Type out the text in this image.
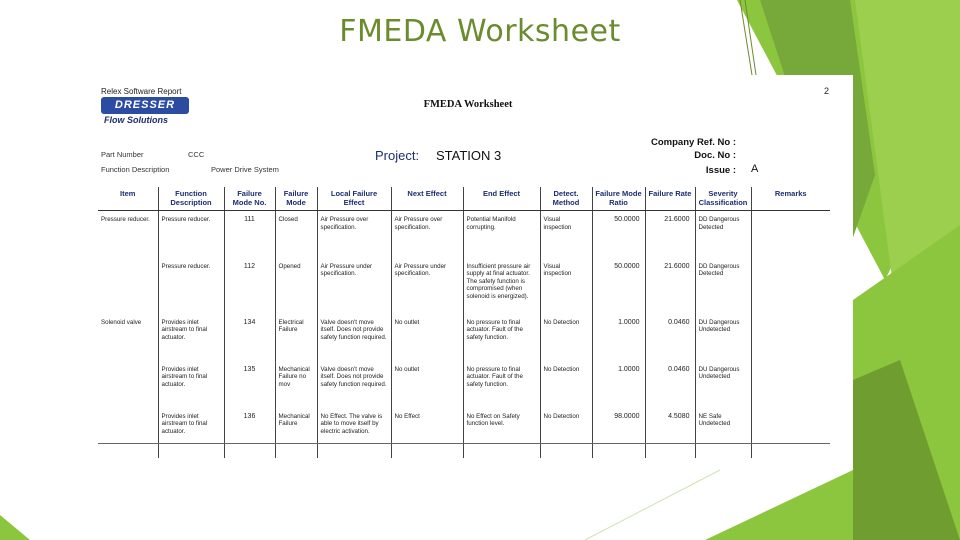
FMEDA Worksheet
Relex Software Report	2
DRESSER
Flow Solutions
FMEDA Worksheet
Part Number	CCC
Function Description	Power Drive System
Project: STATION 3
Company Ref. No :
Doc. No :
Issue : A
Item	Function Description	Failure Mode No.	Failure Mode	Local Failure Effect	Next Effect	End Effect	Detect. Method	Failure Mode Ratio	Failure Rate	Severity Classification	Remarks
Pressure reducer.	Pressure reducer.	111	Closed	Air Pressure over specification.	Air Pressure over specification.	Potential Manifold corrupting.	Visual inspection	50.0000	21.6000	DD Dangerous Detected	
	Pressure reducer.	112	Opened	Air Pressure under specification.	Air Pressure under specification.	Insufficient pressure air supply at final actuator. The safety function is compromised (when solenoid is energized).	Visual inspection	50.0000	21.6000	DD Dangerous Detected	
Solenoid valve	Provides inlet airstream to final actuator.	134	Electrical Failure	Valve doesn't move itself. Does not provide safety function required.	No outlet	No pressure to final actuator. Fault of the safety function.	No Detection	1.0000	0.0460	DU Dangerous Undetected	
	Provides inlet airstream to final actuator.	135	Mechanical Failure no mov	Valve doesn't move itself. Does not provide safety function required.	No outlet	No pressure to final actuator. Fault of the safety function.	No Detection	1.0000	0.0460	DU Dangerous Undetected	
	Provides inlet airstream to final actuator.	136	Mechanical Failure	No Effect. The valve is able to move itself by electric activation.	No Effect	No Effect on Safety function level.	No Detection	98.0000	4.5080	NE Safe Undetected	
